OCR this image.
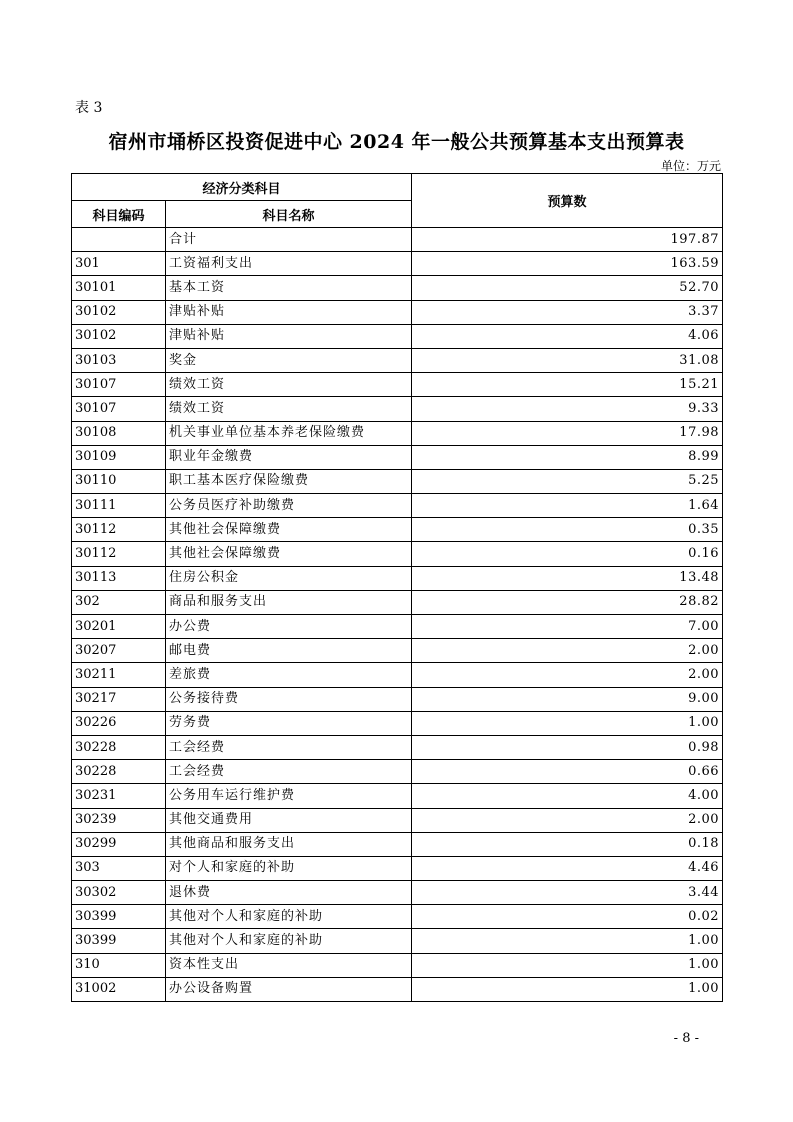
表 3
宿州市埇桥区投资促进中心 2024 年一般公共预算基本支出预算表
单位：万元
经济分类科目		预算数
科目编码	科目名称	
	合计	197.87
301	工资福利支出	163.59
30101	基本工资	52.70
30102	津贴补贴	3.37
30102	津贴补贴	4.06
30103	奖金	31.08
30107	绩效工资	15.21
30107	绩效工资	9.33
30108	机关事业单位基本养老保险缴费	17.98
30109	职业年金缴费	8.99
30110	职工基本医疗保险缴费	5.25
30111	公务员医疗补助缴费	1.64
30112	其他社会保障缴费	0.35
30112	其他社会保障缴费	0.16
30113	住房公积金	13.48
302	商品和服务支出	28.82
30201	办公费	7.00
30207	邮电费	2.00
30211	差旅费	2.00
30217	公务接待费	9.00
30226	劳务费	1.00
30228	工会经费	0.98
30228	工会经费	0.66
30231	公务用车运行维护费	4.00
30239	其他交通费用	2.00
30299	其他商品和服务支出	0.18
303	对个人和家庭的补助	4.46
30302	退休费	3.44
30399	其他对个人和家庭的补助	0.02
30399	其他对个人和家庭的补助	1.00
310	资本性支出	1.00
31002	办公设备购置	1.00
- 8 -
